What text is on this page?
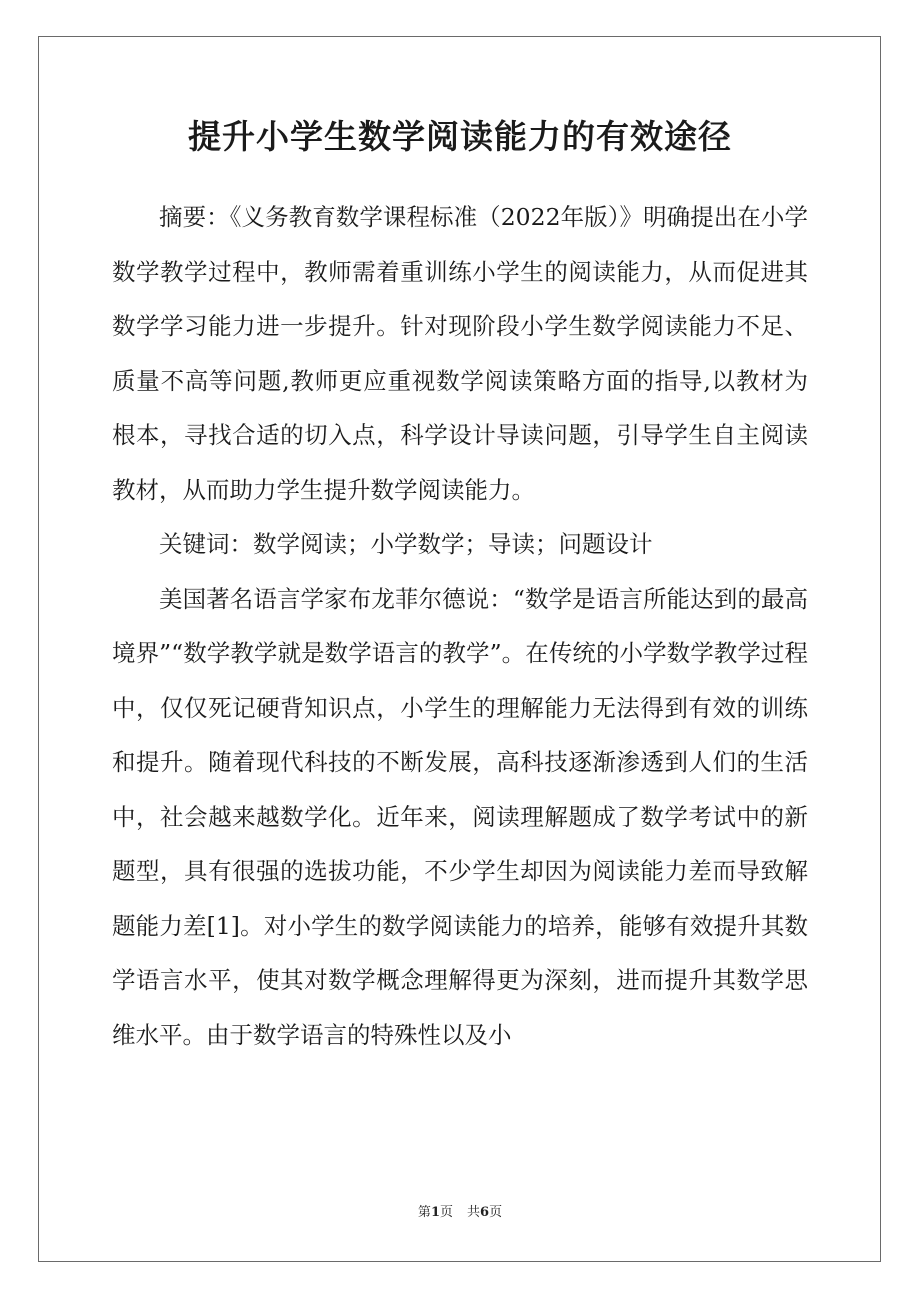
提升小学生数学阅读能力的有效途径

摘要：《义务教育数学课程标准（2022年版）》明确提出在小学数学教学过程中，教师需着重训练小学生的阅读能力，从而促进其数学学习能力进一步提升。针对现阶段小学生数学阅读能力不足、质量不高等问题,教师更应重视数学阅读策略方面的指导,以教材为根本，寻找合适的切入点，科学设计导读问题，引导学生自主阅读教材，从而助力学生提升数学阅读能力。

关键词：数学阅读；小学数学；导读；问题设计

美国著名语言学家布龙菲尔德说：“数学是语言所能达到的最高境界”“数学教学就是数学语言的教学”。在传统的小学数学教学过程中，仅仅死记硬背知识点，小学生的理解能力无法得到有效的训练和提升。随着现代科技的不断发展，高科技逐渐渗透到人们的生活中，社会越来越数学化。近年来，阅读理解题成了数学考试中的新题型，具有很强的选拔功能，不少学生却因为阅读能力差而导致解题能力差[1]。对小学生的数学阅读能力的培养，能够有效提升其数学语言水平，使其对数学概念理解得更为深刻，进而提升其数学思维水平。由于数学语言的特殊性以及小

第1页 共6页
